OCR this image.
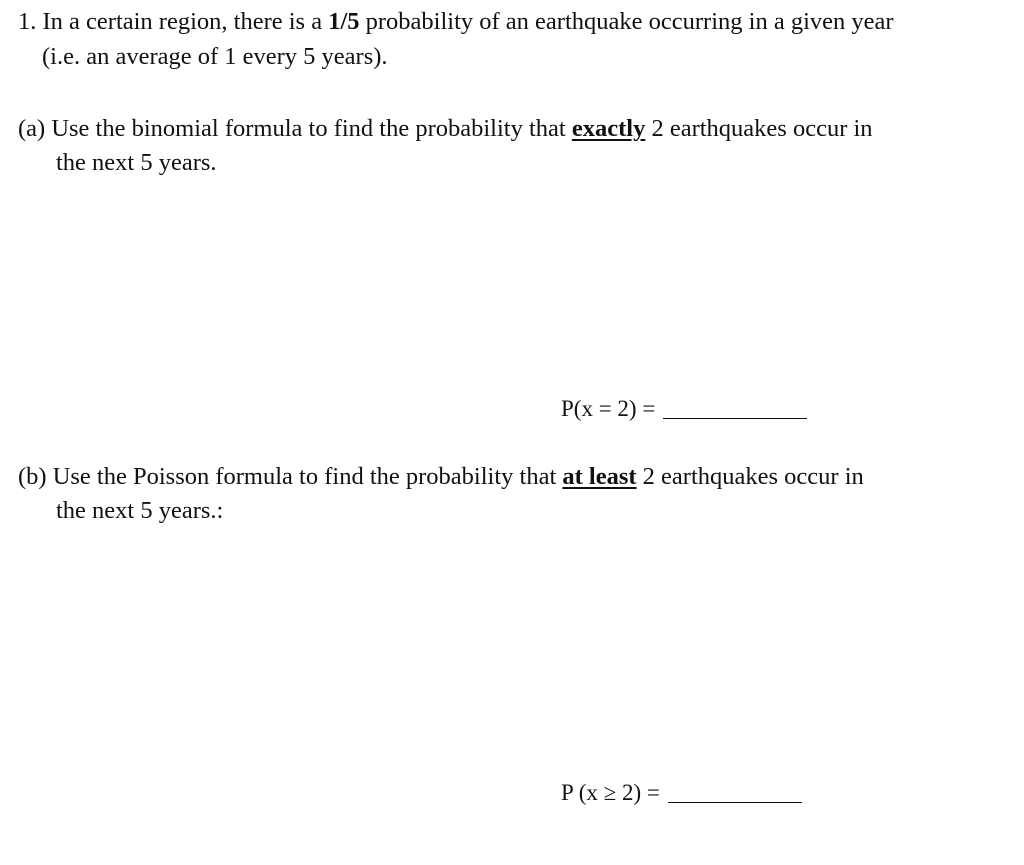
1. In a certain region, there is a 1/5 probability of an earthquake occurring in a given year
(i.e. an average of 1 every 5 years).
(a) Use the binomial formula to find the probability that exactly 2 earthquakes occur in
the next 5 years.
P(x = 2) =
(b) Use the Poisson formula to find the probability that at least 2 earthquakes occur in
the next 5 years.:
P (x ≥ 2) =
